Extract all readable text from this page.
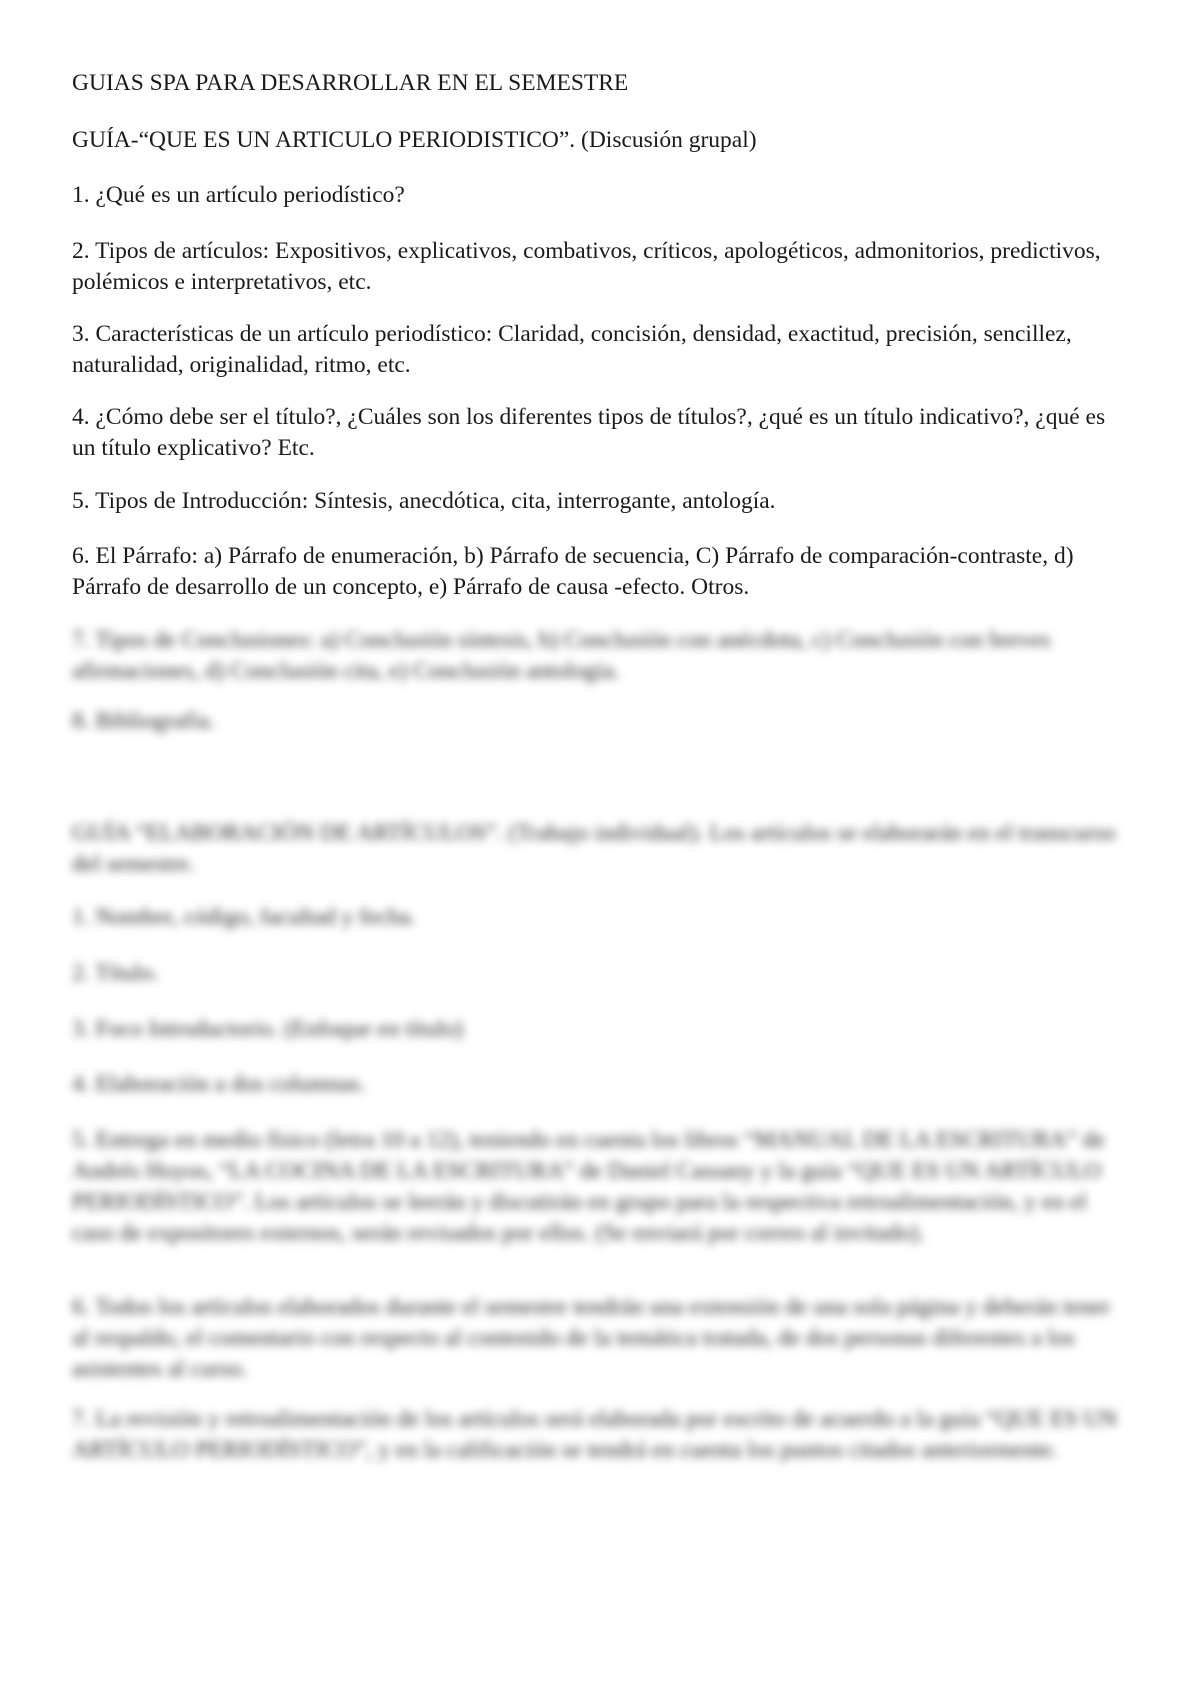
GUIAS SPA PARA DESARROLLAR EN EL SEMESTRE

GUÍA-“QUE ES UN ARTICULO PERIODISTICO”. (Discusión grupal)

1. ¿Qué es un artículo periodístico?

2. Tipos de artículos: Expositivos, explicativos, combativos, críticos, apologéticos, admonitorios, predictivos, polémicos e interpretativos, etc.

3. Características de un artículo periodístico: Claridad, concisión, densidad, exactitud, precisión, sencillez, naturalidad, originalidad, ritmo, etc.

4. ¿Cómo debe ser el título?, ¿Cuáles son los diferentes tipos de títulos?, ¿qué es un título indicativo?, ¿qué es un título explicativo? Etc.

5. Tipos de Introducción: Síntesis, anecdótica, cita, interrogante, antología.

6. El Párrafo: a) Párrafo de enumeración, b) Párrafo de secuencia, C) Párrafo de comparación-contraste, d) Párrafo de desarrollo de un concepto, e) Párrafo de causa -efecto. Otros.

7. Tipos de Conclusiones: a) Conclusión síntesis, b) Conclusión con anécdota, c) Conclusión con breves afirmaciones, d) Conclusión cita, e) Conclusión antología.

8. Bibliografía.

GUÍA “ELABORACIÓN DE ARTÍCULOS”. (Trabajo individual). Los artículos se elaborarán en el transcurso del semestre.

1. Nombre, código, facultad y fecha.

2. Título.

3. Foco Introductorio. (Enfoque en título)

4. Elaboración a dos columnas.

5. Entrega en medio físico (letra 10 a 12), teniendo en cuenta los libros “MANUAL DE LA ESCRITURA” de Andrés Hoyos, “LA COCINA DE LA ESCRITURA” de Daniel Cassany y la guía “QUE ES UN ARTÍCULO PERIODÍSTICO”. Los artículos se leerán y discutirán en grupo para la respectiva retroalimentación, y en el caso de expositores externos, serán revisados por ellos. (Se enviará por correo al invitado).

6. Todos los artículos elaborados durante el semestre tendrán una extensión de una sola página y deberán tener al respaldo, el comentario con respecto al contenido de la temática tratada, de dos personas diferentes a los asistentes al curso.

7. La revisión y retroalimentación de los artículos será elaborada por escrito de acuerdo a la guía “QUE ES UN ARTÍCULO PERIODÍSTICO”, y en la calificación se tendrá en cuenta los puntos citados anteriormente.
